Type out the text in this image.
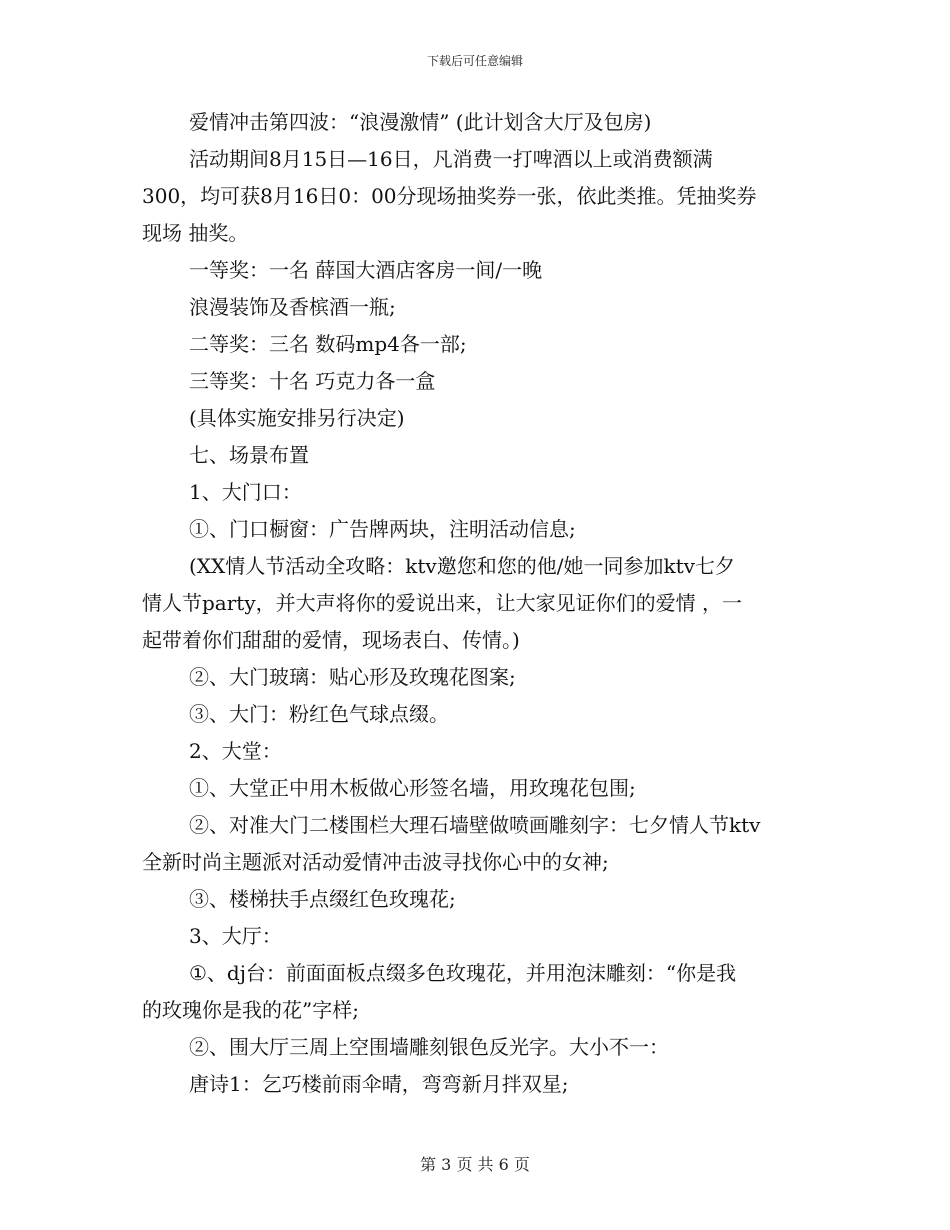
下载后可任意编辑
爱情冲击第四波：“浪漫激情” (此计划含大厅及包房)
活动期间8月15日—16日，凡消费一打啤酒以上或消费额满
300，均可获8月16日0：00分现场抽奖券一张，依此类推。凭抽奖券
现场 抽奖。
一等奖：一名 薛国大酒店客房一间/一晚
浪漫装饰及香槟酒一瓶;
二等奖：三名 数码mp4各一部;
三等奖：十名 巧克力各一盒
(具体实施安排另行决定)
七、场景布置
1、大门口：
①、门口橱窗：广告牌两块，注明活动信息;
(XX情人节活动全攻略：ktv邀您和您的他/她一同参加ktv七夕
情人节party，并大声将你的爱说出来，让大家见证你们的爱情 ，一
起带着你们甜甜的爱情，现场表白、传情。)
②、大门玻璃：贴心形及玫瑰花图案;
③、大门：粉红色气球点缀。
2、大堂：
①、大堂正中用木板做心形签名墙，用玫瑰花包围;
②、对准大门二楼围栏大理石墙壁做喷画雕刻字：七夕情人节ktv
全新时尚主题派对活动爱情冲击波寻找你心中的女神;
③、楼梯扶手点缀红色玫瑰花;
3、大厅：
①、dj台：前面面板点缀多色玫瑰花，并用泡沫雕刻：“你是我
的玫瑰你是我的花”字样;
②、围大厅三周上空围墙雕刻银色反光字。大小不一：
唐诗1：乞巧楼前雨伞晴，弯弯新月拌双星;
第 3 页 共 6 页
